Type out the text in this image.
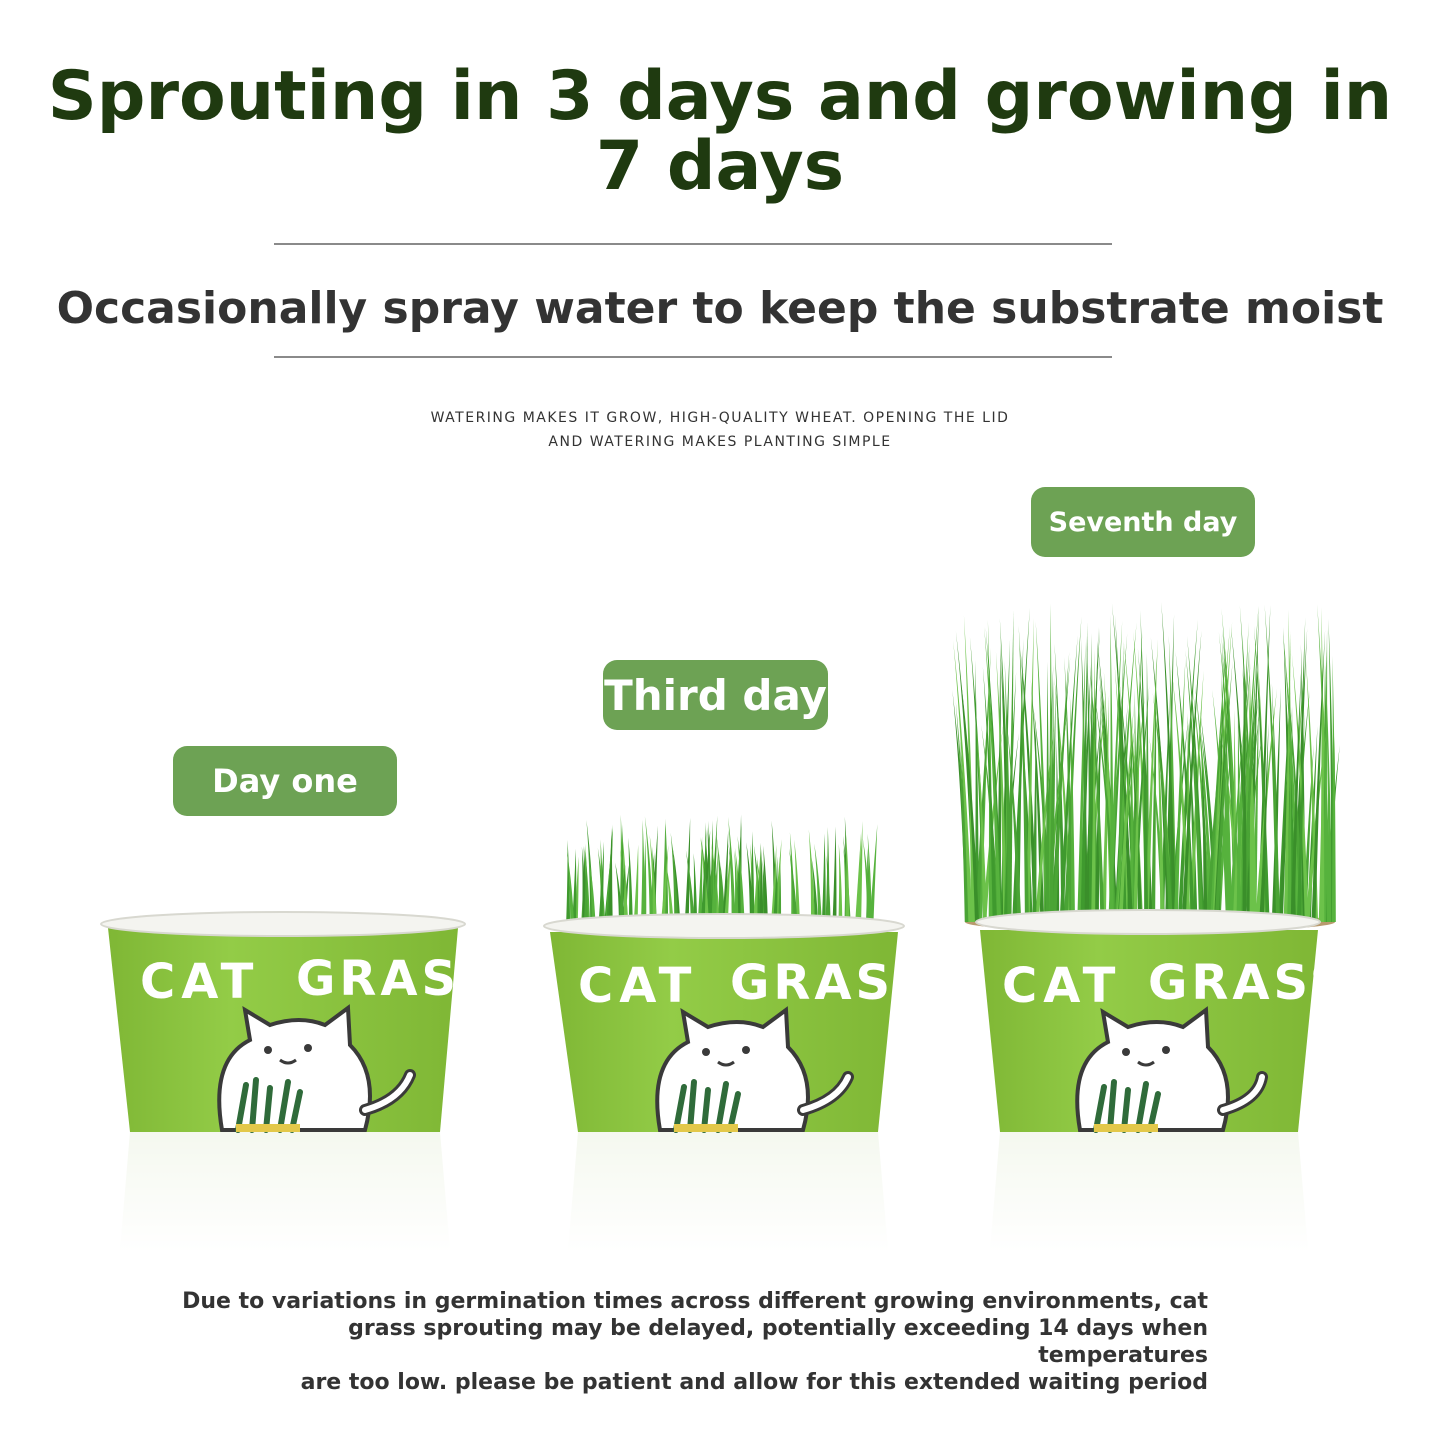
Sprouting in 3 days and growing in
7 days
Occasionally spray water to keep the substrate moist

WATERING MAKES IT GROW, HIGH-QUALITY WHEAT. OPENING THE LID
AND WATERING MAKES PLANTING SIMPLE

Day one
Third day
Seventh day
CAT GRASS CAT GRASS CAT GRASS

Due to variations in germination times across different growing environments, cat
grass sprouting may be delayed, potentially exceeding 14 days when temperatures
are too low. please be patient and allow for this extended waiting period
